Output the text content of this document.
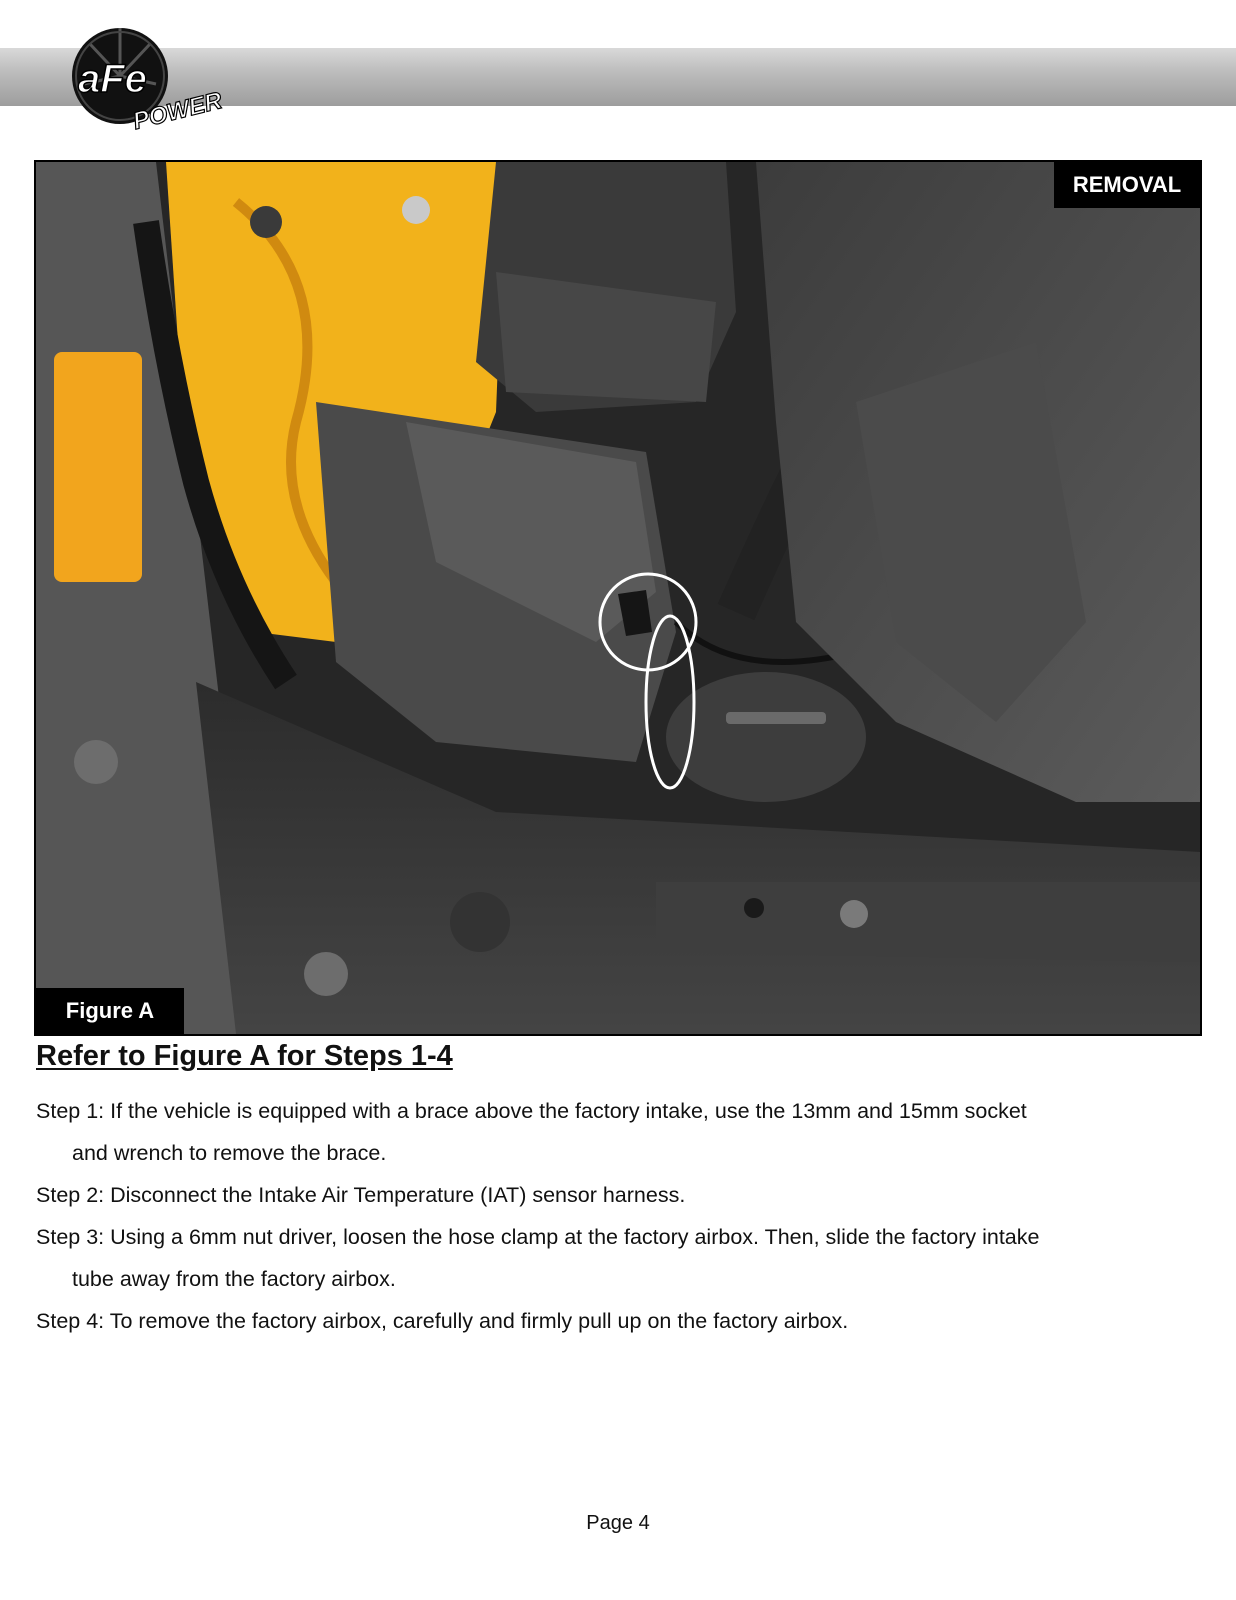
aFe
POWER
REMOVAL
Figure A
Refer to Figure A for Steps 1-4

Step 1: If the vehicle is equipped with a brace above the factory intake, use the 13mm and 15mm socket
and wrench to remove the brace.

Step 2: Disconnect the Intake Air Temperature (IAT) sensor harness.

Step 3: Using a 6mm nut driver, loosen the hose clamp at the factory airbox. Then, slide the factory intake
tube away from the factory airbox.

Step 4: To remove the factory airbox, carefully and firmly pull up on the factory airbox.

Page 4
